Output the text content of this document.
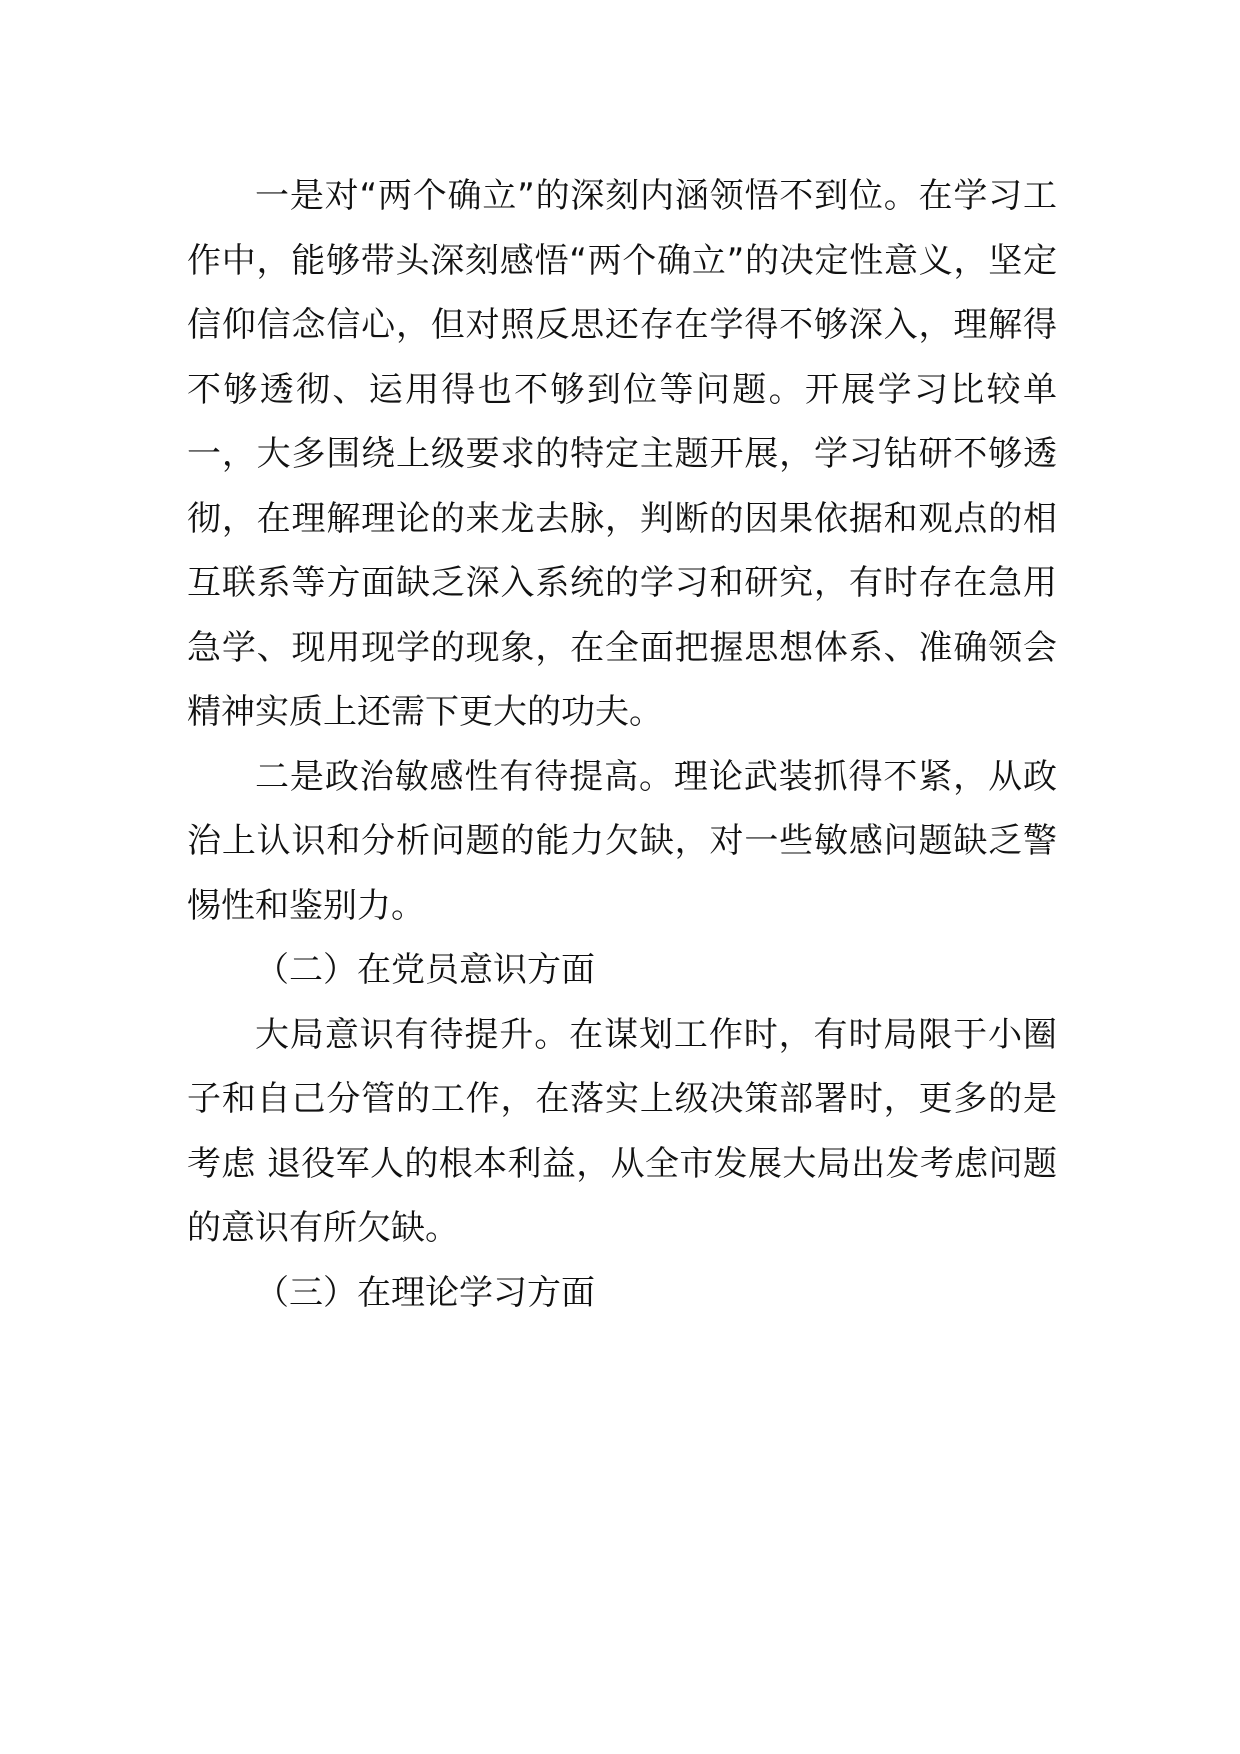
一是对“两个确立”的深刻内涵领悟不到位。在学习工作中，能够带头深刻感悟“两个确立”的决定性意义，坚定信仰信念信心，但对照反思还存在学得不够深入，理解得不够透彻、运用得也不够到位等问题。开展学习比较单一，大多围绕上级要求的特定主题开展，学习钻研不够透彻，在理解理论的来龙去脉，判断的因果依据和观点的相互联系等方面缺乏深入系统的学习和研究，有时存在急用急学、现用现学的现象，在全面把握思想体系、准确领会精神实质上还需下更大的功夫。

二是政治敏感性有待提高。理论武装抓得不紧，从政治上认识和分析问题的能力欠缺，对一些敏感问题缺乏警惕性和鉴别力。

（二）在党员意识方面

大局意识有待提升。在谋划工作时，有时局限于小圈子和自己分管的工作，在落实上级决策部署时，更多的是考虑 退役军人的根本利益，从全市发展大局出发考虑问题的意识有所欠缺。

（三）在理论学习方面
